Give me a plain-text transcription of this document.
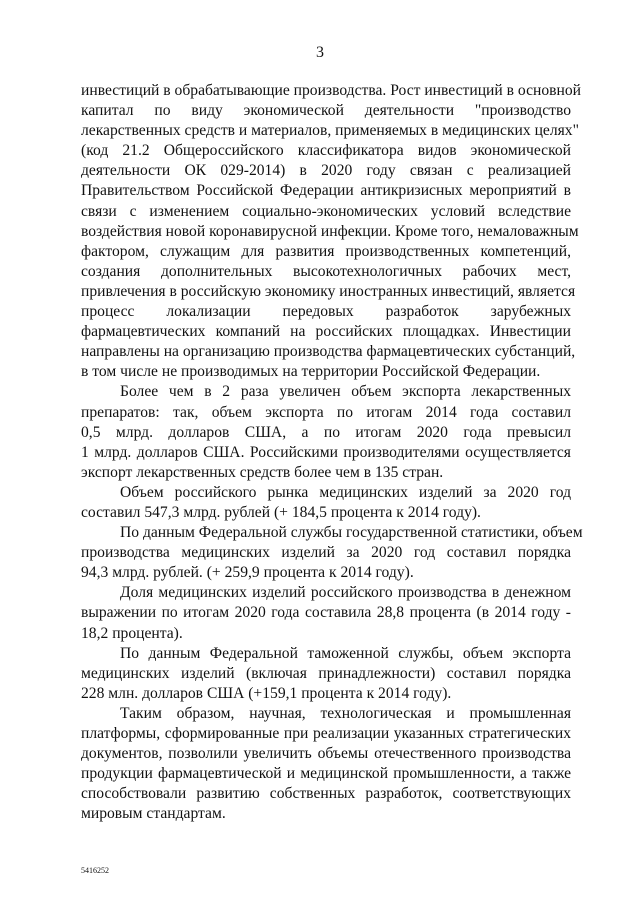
3
инвестиций в обрабатывающие производства. Рост инвестиций в основной
капитал по виду экономической деятельности "производство
лекарственных средств и материалов, применяемых в медицинских целях"
(код 21.2 Общероссийского классификатора видов экономической
деятельности ОК 029-2014) в 2020 году связан с реализацией
Правительством Российской Федерации антикризисных мероприятий в
связи с изменением социально-экономических условий вследствие
воздействия новой коронавирусной инфекции. Кроме того, немаловажным
фактором, служащим для развития производственных компетенций,
создания дополнительных высокотехнологичных рабочих мест,
привлечения в российскую экономику иностранных инвестиций, является
процесс локализации передовых разработок зарубежных
фармацевтических компаний на российских площадках. Инвестиции
направлены на организацию производства фармацевтических субстанций,
в том числе не производимых на территории Российской Федерации.
Более чем в 2 раза увеличен объем экспорта лекарственных
препаратов: так, объем экспорта по итогам 2014 года составил
0,5 млрд. долларов США, а по итогам 2020 года превысил
1 млрд. долларов США. Российскими производителями осуществляется
экспорт лекарственных средств более чем в 135 стран.
Объем российского рынка медицинских изделий за 2020 год
составил 547,3 млрд. рублей (+ 184,5 процента к 2014 году).
По данным Федеральной службы государственной статистики, объем
производства медицинских изделий за 2020 год составил порядка
94,3 млрд. рублей. (+ 259,9 процента к 2014 году).
Доля медицинских изделий российского производства в денежном
выражении по итогам 2020 года составила 28,8 процента (в 2014 году -
18,2 процента).
По данным Федеральной таможенной службы, объем экспорта
медицинских изделий (включая принадлежности) составил порядка
228 млн. долларов США (+159,1 процента к 2014 году).
Таким образом, научная, технологическая и промышленная
платформы, сформированные при реализации указанных стратегических
документов, позволили увеличить объемы отечественного производства
продукции фармацевтической и медицинской промышленности, а также
способствовали развитию собственных разработок, соответствующих
мировым стандартам.
5416252
